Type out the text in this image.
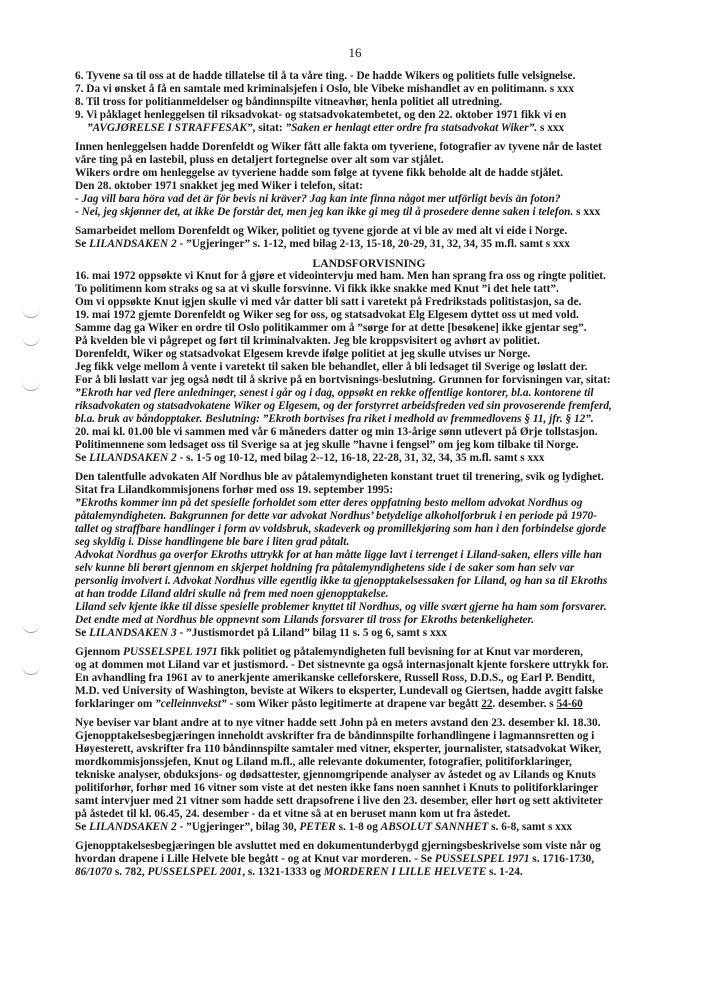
16

6. Tyvene sa til oss at de hadde tillatelse til å ta våre ting. - De hadde Wikers og politiets fulle velsignelse.

7. Da vi ønsket å få en samtale med kriminalsjefen i Oslo, ble Vibeke mishandlet av en politimann. s xxx

8. Til tross for politianmeldelser og båndinnspilte vitneavhør, henla politiet all utredning.

9. Vi påklaget henleggelsen til riksadvokat- og statsadvokatembetet, og den 22. oktober 1971 fikk vi en

”AVGJØRELSE I STRAFFESAK”, sitat: ”Saken er henlagt etter ordre fra statsadvokat Wiker”. s xxx

Innen henleggelsen hadde Dorenfeldt og Wiker fått alle fakta om tyveriene, fotografier av tyvene når de lastet

våre ting på en lastebil, pluss en detaljert fortegnelse over alt som var stjålet.

Wikers ordre om henleggelse av tyveriene hadde som følge at tyvene fikk beholde alt de hadde stjålet.

Den 28. oktober 1971 snakket jeg med Wiker i telefon, sitat:

- Jag vill bara höra vad det är för bevis ni kräver? Jag kan inte finna något mer utförligt bevis än foton?

- Nei, jeg skjønner det, at ikke De forstår det, men jeg kan ikke gi meg til å prosedere denne saken i telefon. s xxx

Samarbeidet mellom Dorenfeldt og Wiker, politiet og tyvene gjorde at vi ble av med alt vi eide i Norge.

Se LILANDSAKEN 2 - ”Ugjeringer” s. 1-12, med bilag 2-13, 15-18, 20-29, 31, 32, 34, 35 m.fl. samt s xxx

LANDSFORVISNING

16. mai 1972 oppsøkte vi Knut for å gjøre et videointervju med ham. Men han sprang fra oss og ringte politiet.

To politimenn kom straks og sa at vi skulle forsvinne. Vi fikk ikke snakke med Knut ”i det hele tatt”.

Om vi oppsøkte Knut igjen skulle vi med vår datter bli satt i varetekt på Fredrikstads politistasjon, sa de.

19. mai 1972 gjemte Dorenfeldt og Wiker seg for oss, og statsadvokat Elg Elgesem dyttet oss ut med vold.

Samme dag ga Wiker en ordre til Oslo politikammer om å ”sørge for at dette [besøkene] ikke gjentar seg”.

På kvelden ble vi pågrepet og ført til kriminalvakten. Jeg ble kroppsvisitert og avhørt av politiet.

Dorenfeldt, Wiker og statsadvokat Elgesem krevde ifølge politiet at jeg skulle utvises ur Norge.

Jeg fikk velge mellom å vente i varetekt til saken ble behandlet, eller å bli ledsaget til Sverige og løslatt der.

For å bli løslatt var jeg også nødt til å skrive på en bortvisnings-beslutning. Grunnen for forvisningen var, sitat:

”Ekroth har ved flere anledninger, senest i går og i dag, oppsøkt en rekke offentlige kontorer, bl.a. kontorene til

riksadvokaten og statsadvokatene Wiker og Elgesem, og der forstyrret arbeidsfreden ved sin provoserende fremferd,

bl.a. bruk av båndopptaker. Beslutning: ”Ekroth bortvises fra riket i medhold av fremmedlovens § 11, jfr. § 12”.

20. mai kl. 01.00 ble vi sammen med vår 6 måneders datter og min 13-årige sønn utlevert på Ørje tollstasjon.

Politimennene som ledsaget oss til Sverige sa at jeg skulle ”havne i fengsel” om jeg kom tilbake til Norge.

Se LILANDSAKEN 2 - s. 1-5 og 10-12, med bilag 2--12, 16-18, 22-28, 31, 32, 34, 35 m.fl. samt s xxx

Den talentfulle advokaten Alf Nordhus ble av påtalemyndigheten konstant truet til trenering, svik og lydighet.

Sitat fra Lilandkommisjonens forhør med oss 19. september 1995:

”Ekroths kommer inn på det spesielle forholdet som etter deres oppfatning besto mellom advokat Nordhus og

påtalemyndigheten. Bakgrunnen for dette var advokat Nordhus’ betydelige alkoholforbruk i en periode på 1970-

tallet og straffbare handlinger i form av voldsbruk, skadeverk og promillekjøring som han i den forbindelse gjorde

seg skyldig i. Disse handlingene ble bare i liten grad påtalt.

Advokat Nordhus ga overfor Ekroths uttrykk for at han måtte ligge lavt i terrenget i Liland-saken, ellers ville han

selv kunne bli berørt gjennom en skjerpet holdning fra påtalemyndighetens side i de saker som han selv var

personlig involvert i. Advokat Nordhus ville egentlig ikke ta gjenopptakelsessaken for Liland, og han sa til Ekroths

at han trodde Liland aldri skulle nå frem med noen gjenopptakelse.

Liland selv kjente ikke til disse spesielle problemer knyttet til Nordhus, og ville svært gjerne ha ham som forsvarer.

Det endte med at Nordhus ble oppnevnt som Lilands forsvarer til tross for Ekroths betenkeligheter.

Se LILANDSAKEN 3 - ”Justismordet på Liland” bilag 11 s. 5 og 6, samt s xxx

Gjennom PUSSELSPEL 1971 fikk politiet og påtalemyndigheten full bevisning for at Knut var morderen,

og at dommen mot Liland var et justismord. - Det sistnevnte ga også internasjonalt kjente forskere uttrykk for.

En avhandling fra 1961 av to anerkjente amerikanske celleforskere, Russell Ross, D.D.S., og Earl P. Benditt,

M.D. ved University of Washington, beviste at Wikers to eksperter, Lundevall og Giertsen, hadde avgitt falske

forklaringer om ”celleinnvekst” - som Wiker påsto legitimerte at drapene var begått 22. desember. s 54-60

Nye beviser var blant andre at to nye vitner hadde sett John på en meters avstand den 23. desember kl. 18.30.

Gjenopptakelsesbegjæringen inneholdt avskrifter fra de båndinnspilte forhandlingene i lagmannsretten og i

Høyesterett, avskrifter fra 110 båndinnspilte samtaler med vitner, eksperter, journalister, statsadvokat Wiker,

mordkommisjonssjefen, Knut og Liland m.fl., alle relevante dokumenter, fotografier, politiforklaringer,

tekniske analyser, obduksjons- og dødsattester, gjennomgripende analyser av åstedet og av Lilands og Knuts

politiforhør, forhør med 16 vitner som viste at det nesten ikke fans noen sannhet i Knuts to politiforklaringer

samt intervjuer med 21 vitner som hadde sett drapsofrene i live den 23. desember, eller hørt og sett aktiviteter

på åstedet til kl. 06.45, 24. desember - da et vitne så at en beruset mann kom ut fra åstedet.

Se LILANDSAKEN 2 - ”Ugjeringer”, bilag 30, PETER s. 1-8 og ABSOLUT SANNHET s. 6-8, samt s xxx

Gjenopptakelsesbegjæringen ble avsluttet med en dokumentunderbygd gjerningsbeskrivelse som viste når og

hvordan drapene i Lille Helvete ble begått - og at Knut var morderen. - Se PUSSELSPEL 1971 s. 1716-1730,

86/1070 s. 782, PUSSELSPEL 2001, s. 1321-1333 og MORDEREN I LILLE HELVETE s. 1-24.
